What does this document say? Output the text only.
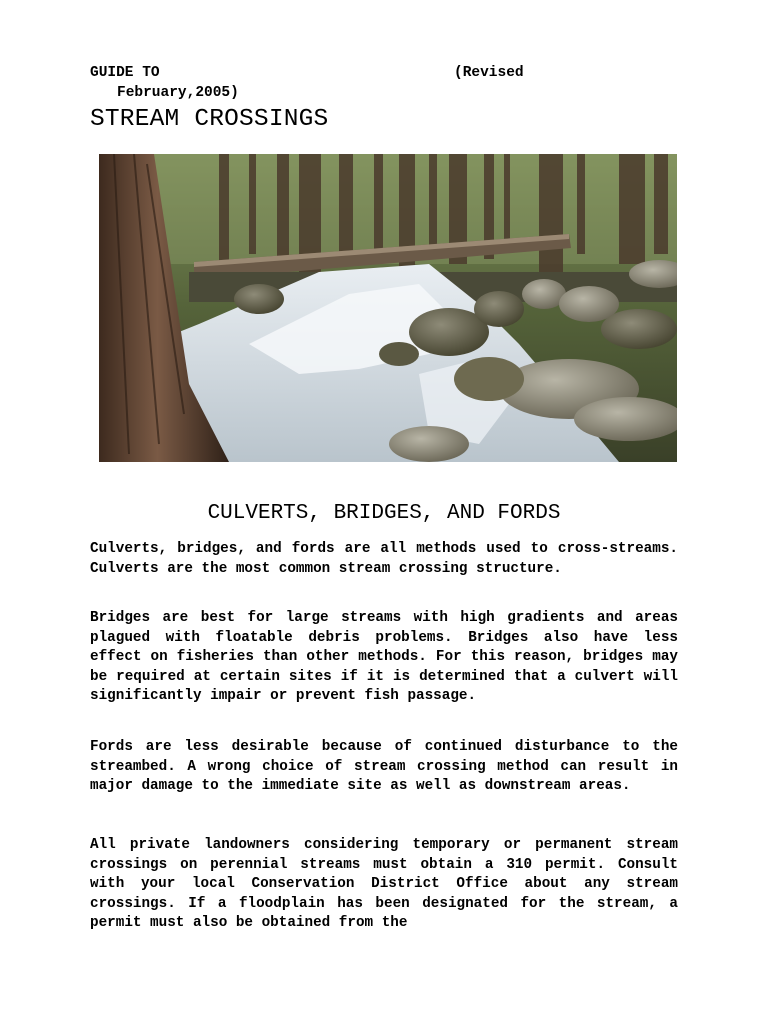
GUIDE TO	(Revised
February,2005)
STREAM CROSSINGS
CULVERTS, BRIDGES, AND FORDS

Culverts, bridges, and fords are all methods used to cross-streams. Culverts are the most common stream crossing structure.

Bridges are best for large streams with high gradients and areas plagued with floatable debris problems. Bridges also have less effect on fisheries than other methods. For this reason, bridges may be required at certain sites if it is determined that a culvert will significantly impair or prevent fish passage.

Fords are less desirable because of continued disturbance to the streambed. A wrong choice of stream crossing method can result in major damage to the immediate site as well as downstream areas.

All private landowners considering temporary or permanent stream crossings on perennial streams must obtain a 310 permit. Consult with your local Conservation District Office about any stream crossings. If a floodplain has been designated for the stream, a permit must also be obtained from the
